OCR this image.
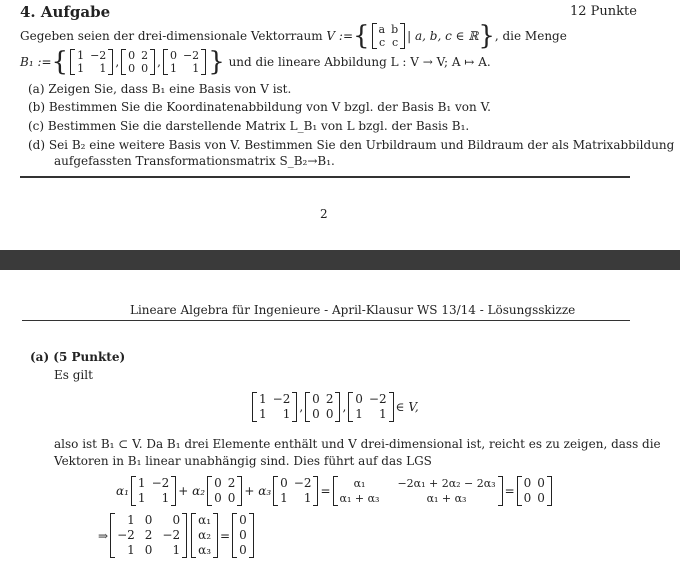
4. Aufgabe	12 Punkte
Gegeben seien der drei-dimensionale Vektorraum
V := { a b
c c | a, b, c ∈ ℝ } , die Menge
B₁ := { 1 −2
1	1 , 0 2
0 0 , 0 −2
1	1 }
und die lineare Abbildung L : V → V; A ↦ A.
(a) Zeigen Sie, dass B₁ eine Basis von V ist.
(b) Bestimmen Sie die Koordinatenabbildung von V bzgl. der Basis B₁ von V.
(c) Bestimmen Sie die darstellende Matrix L_B₁ von L bzgl. der Basis B₁.
(d) Sei B₂ eine weitere Basis von V. Bestimmen Sie den Urbildraum und Bildraum der als Matrixabbildung
aufgefassten Transformationsmatrix S_B₂→B₁.
2
Lineare Algebra für Ingenieure - April-Klausur WS 13/14 - Lösungsskizze
(a) (5 Punkte)
Es gilt
1 −2
1	1 ,
0 2
0 0 ,
0 −2
1	1 ∈ V,
also ist B₁ ⊂ V. Da B₁ drei Elemente enthält und V drei-dimensional ist, reicht es zu zeigen, dass die
Vektoren in B₁ linear unabhängig sind. Dies führt auf das LGS
α₁
1 −2
1	1 + α₂
0 2
0 0 + α₃
0 −2
1	1 =
α₁	−2α₁ + 2α₂ − 2α₃
α₁ + α₃	α₁ + α₃
=
0 0
0 0
⇒
1 0	0
−2 2 −2
1 0	1
α₁
α₂
α₃
=
0
0
0
